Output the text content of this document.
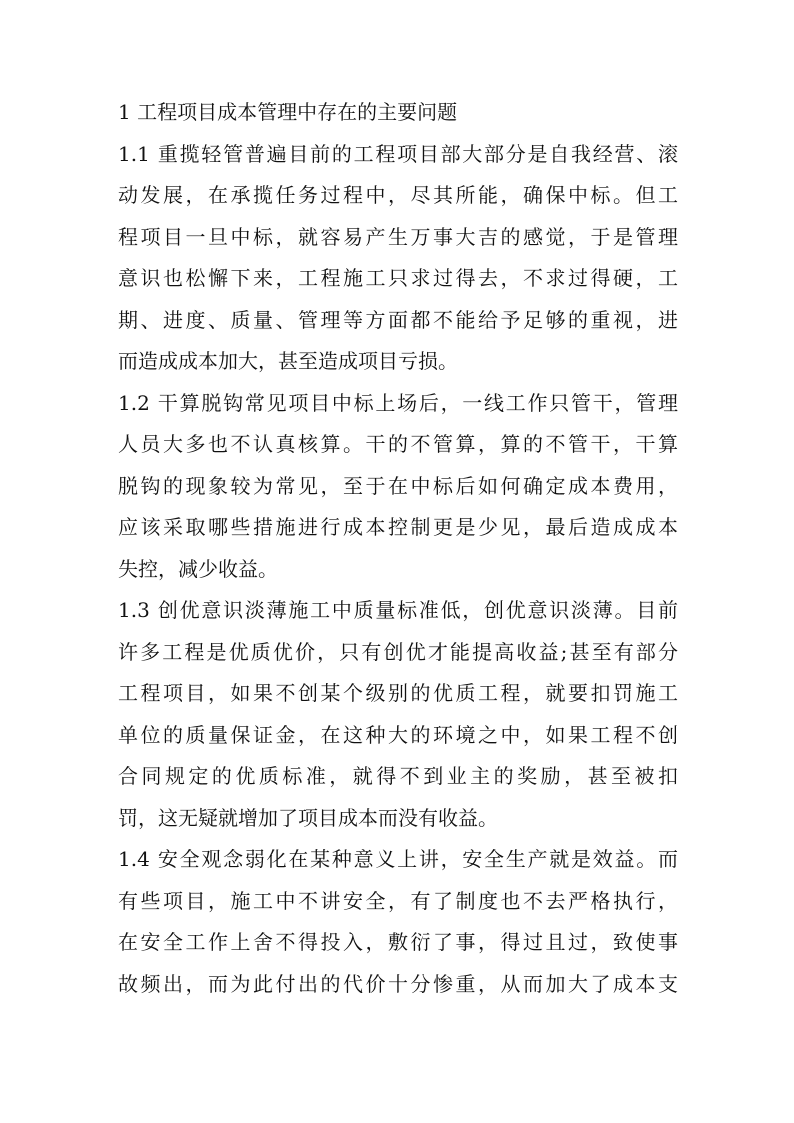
1 工程项目成本管理中存在的主要问题
1.1 重揽轻管普遍目前的工程项目部大部分是自我经营、滚
动发展，在承揽任务过程中，尽其所能，确保中标。但工
程项目一旦中标，就容易产生万事大吉的感觉，于是管理
意识也松懈下来，工程施工只求过得去，不求过得硬，工
期、进度、质量、管理等方面都不能给予足够的重视，进
而造成成本加大，甚至造成项目亏损。
1.2 干算脱钩常见项目中标上场后，一线工作只管干，管理
人员大多也不认真核算。干的不管算，算的不管干，干算
脱钩的现象较为常见，至于在中标后如何确定成本费用，
应该采取哪些措施进行成本控制更是少见，最后造成成本
失控，减少收益。
1.3 创优意识淡薄施工中质量标准低，创优意识淡薄。目前
许多工程是优质优价，只有创优才能提高收益;甚至有部分
工程项目，如果不创某个级别的优质工程，就要扣罚施工
单位的质量保证金，在这种大的环境之中，如果工程不创
合同规定的优质标准，就得不到业主的奖励，甚至被扣
罚，这无疑就增加了项目成本而没有收益。
1.4 安全观念弱化在某种意义上讲，安全生产就是效益。而
有些项目，施工中不讲安全，有了制度也不去严格执行，
在安全工作上舍不得投入，敷衍了事，得过且过，致使事
故频出，而为此付出的代价十分惨重，从而加大了成本支
